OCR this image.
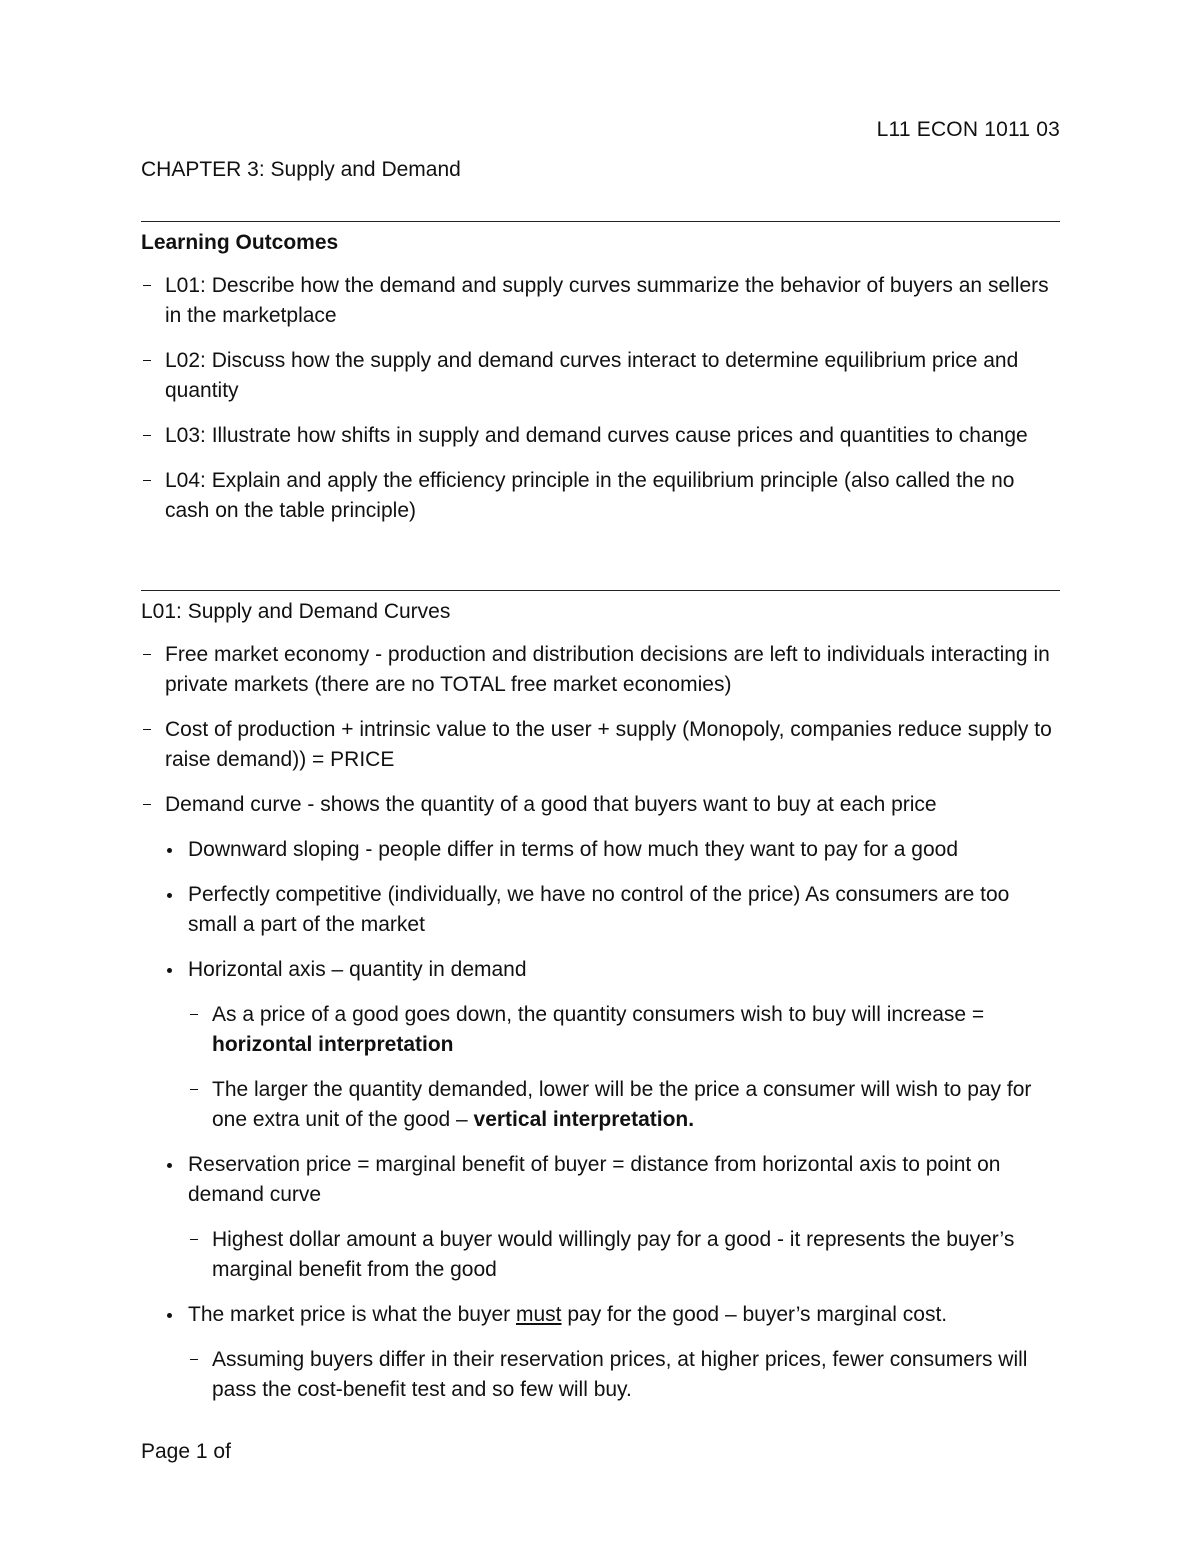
L11 ECON 1011 03
CHAPTER 3: Supply and Demand
Learning Outcomes
L01: Describe how the demand and supply curves summarize the behavior of buyers an sellers in the marketplace
L02: Discuss how the supply and demand curves interact to determine equilibrium price and quantity
L03: Illustrate how shifts in supply and demand curves cause prices and quantities to change
L04: Explain and apply the efficiency principle in the equilibrium principle (also called the no cash on the table principle)
L01: Supply and Demand Curves
Free market economy - production and distribution decisions are left to individuals interacting in private markets (there are no TOTAL free market economies)
Cost of production + intrinsic value to the user + supply (Monopoly, companies reduce supply to raise demand)) = PRICE
Demand curve - shows the quantity of a good that buyers want to buy at each price
Downward sloping - people differ in terms of how much they want to pay for a good
Perfectly competitive (individually, we have no control of the price) As consumers are too small a part of the market
Horizontal axis – quantity in demand
As a price of a good goes down, the quantity consumers wish to buy will increase = horizontal interpretation
The larger the quantity demanded, lower will be the price a consumer will wish to pay for one extra unit of the good – vertical interpretation.
Reservation price = marginal benefit of buyer = distance from horizontal axis to point on demand curve
Highest dollar amount a buyer would willingly pay for a good - it represents the buyer’s marginal benefit from the good
The market price is what the buyer must pay for the good – buyer’s marginal cost.
Assuming buyers differ in their reservation prices, at higher prices, fewer consumers will pass the cost-benefit test and so few will buy.
Page 1 of
